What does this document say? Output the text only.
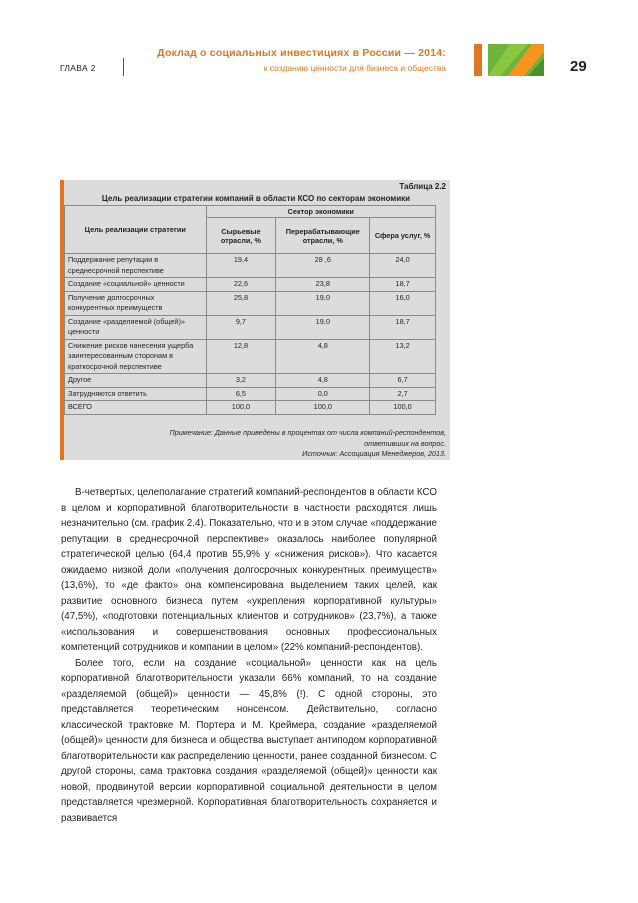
ГЛАВА 2
Доклад о социальных инвестициях в России — 2014:
к созданию ценности для бизнеса и общества	29
Таблица 2.2
Цель реализации стратегии компаний в области КСО по секторам экономики
Цель реализации стратегии	Сектор экономики		
	Сырьевые отрасли, %	Перерабатывающие отрасли, %	Сфера услуг, %
Поддержание репутации в среднесрочной перспективе	19,4	28 ,6	24,0
Создание «социальной» ценности	22,6	23,8	18,7
Получение долгосрочных конкурентных преимуществ	25,8	19,0	16,0
Создание «разделяемой (общей)» ценности	9,7	19,0	18,7
Снижение рисков нанесения ущерба заинтересованным сторонам в краткосрочной перспективе	12,8	4,8	13,2
Другое	3,2	4,8	6,7
Затрудняются ответить	6,5	0,0	2,7
ВСЕГО	100,0	100,0	100,0
Примечание: Данные приведены в процентах от числа компаний-респондентов,
ответивших на вопрос.
Источник: Ассоциация Менеджеров, 2013.

В-четвертых, целеполагание стратегий компаний-респондентов в области КСО в целом и корпоративной благотворительности в частности расходятся лишь незначительно (см. график 2.4). Показательно, что и в этом случае «поддержание репутации в среднесрочной перспективе» оказалось наиболее популярной стратегической целью (64,4 против 55,9% у «снижения рисков»). Что касается ожидаемо низкой доли «получения долгосрочных конкурентных преимуществ» (13,6%), то «де факто» она компенсирована выделением таких целей, как развитие основного бизнеса путем «укрепления корпоративной культуры» (47,5%), «подготовки потенциальных клиентов и сотрудников» (23,7%), а также «использования и совершенствования основных профессиональных компетенций сотрудников и компании в целом» (22% компаний-респондентов).

Более того, если на создание «социальной» ценности как на цель корпоративной благотворительности указали 66% компаний, то на создание «разделяемой (общей)» ценности — 45,8% (!). С одной стороны, это представляется теоретическим нонсенсом. Действительно, согласно классической трактовке М. Портера и М. Креймера, создание «разделяемой (общей)» ценности для бизнеса и общества выступает антиподом корпоративной благотворительности как распределению ценности, ранее созданной бизнесом. С другой стороны, сама трактовка создания «разделяемой (общей)» ценности как новой, продвинутой версии корпоративной социальной деятельности в целом представляется чрезмерной. Корпоративная благотворительность сохраняется и развивается
